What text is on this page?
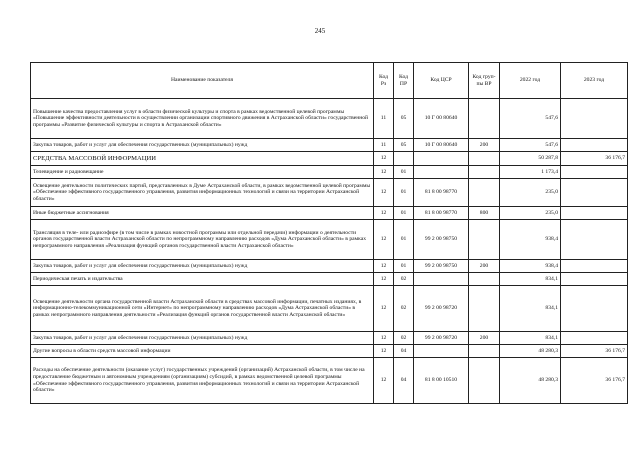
245
Наименование показателя	Код Рз	Код ПР	Код ЦСР	Код груп-пы ВР	2022 год	2023 год
Повышение качества предоставления услуг в области физической культуры и спорта в рамках ведомственной целевой программы «Повышение эффективности деятельности в осуществлении организации спортивного движения в Астраханской области» государственной программы «Развитие физической культуры и спорта в Астраханской области»	11	05	10 Г 00 80640		547,6	
Закупка товаров, работ и услуг для обеспечения государственных (муниципальных) нужд	11	05	10 Г 00 80640	200	547,6	
СРЕДСТВА МАССОВОЙ ИНФОРМАЦИИ	12				50 287,8	36 176,7
Телевидение и радиовещание	12	01			1 173,4	
Освещение деятельности политических партий, представленных в Думе Астраханской области, в рамках ведомственной целевой программы «Обеспечение эффективного государственного управления, развития информационных технологий и связи на территории Астраханской области»	12	01	81 8 00 98770		235,0	
Иные бюджетные ассигнования	12	01	81 8 00 98770	800	235,0	
Трансляция в теле- или радиоэфире (в том числе в рамках новостной программы или отдельной передачи) информации о деятельности органов государственной власти Астраханской области по непрограммному направлению расходов «Дума Астраханской области» в рамках непрограммного направления «Реализация функций органов государственной власти Астраханской области»	12	01	99 2 00 98750		938,4	
Закупка товаров, работ и услуг для обеспечения государственных (муниципальных) нужд	12	01	99 2 00 98750	200	938,4	
Периодическая печать и издательства	12	02			834,1	
Освещение деятельности органа государственной власти Астраханской области в средствах массовой информации, печатных изданиях, в информационно-телекоммуникационной сети «Интернет» по непрограммному направлению расходов «Дума Астраханской области» в рамках непрограммного направления деятельности «Реализация функций органов государственной власти Астраханской области»	12	02	99 2 00 98720		834,1	
Закупка товаров, работ и услуг для обеспечения государственных (муниципальных) нужд	12	02	99 2 00 98720	200	834,1	
Другие вопросы в области средств массовой информации	12	04			48 280,3	36 176,7
Расходы на обеспечение деятельности (оказание услуг) государственных учреждений (организаций) Астраханской области, в том числе на предоставление бюджетным и автономным учреждениям (организациям) субсидий, в рамках ведомственной целевой программы «Обеспечение эффективного государственного управления, развития информационных технологий и связи на территории Астраханской области»	12	04	81 8 00 10510		48 280,3	36 176,7
